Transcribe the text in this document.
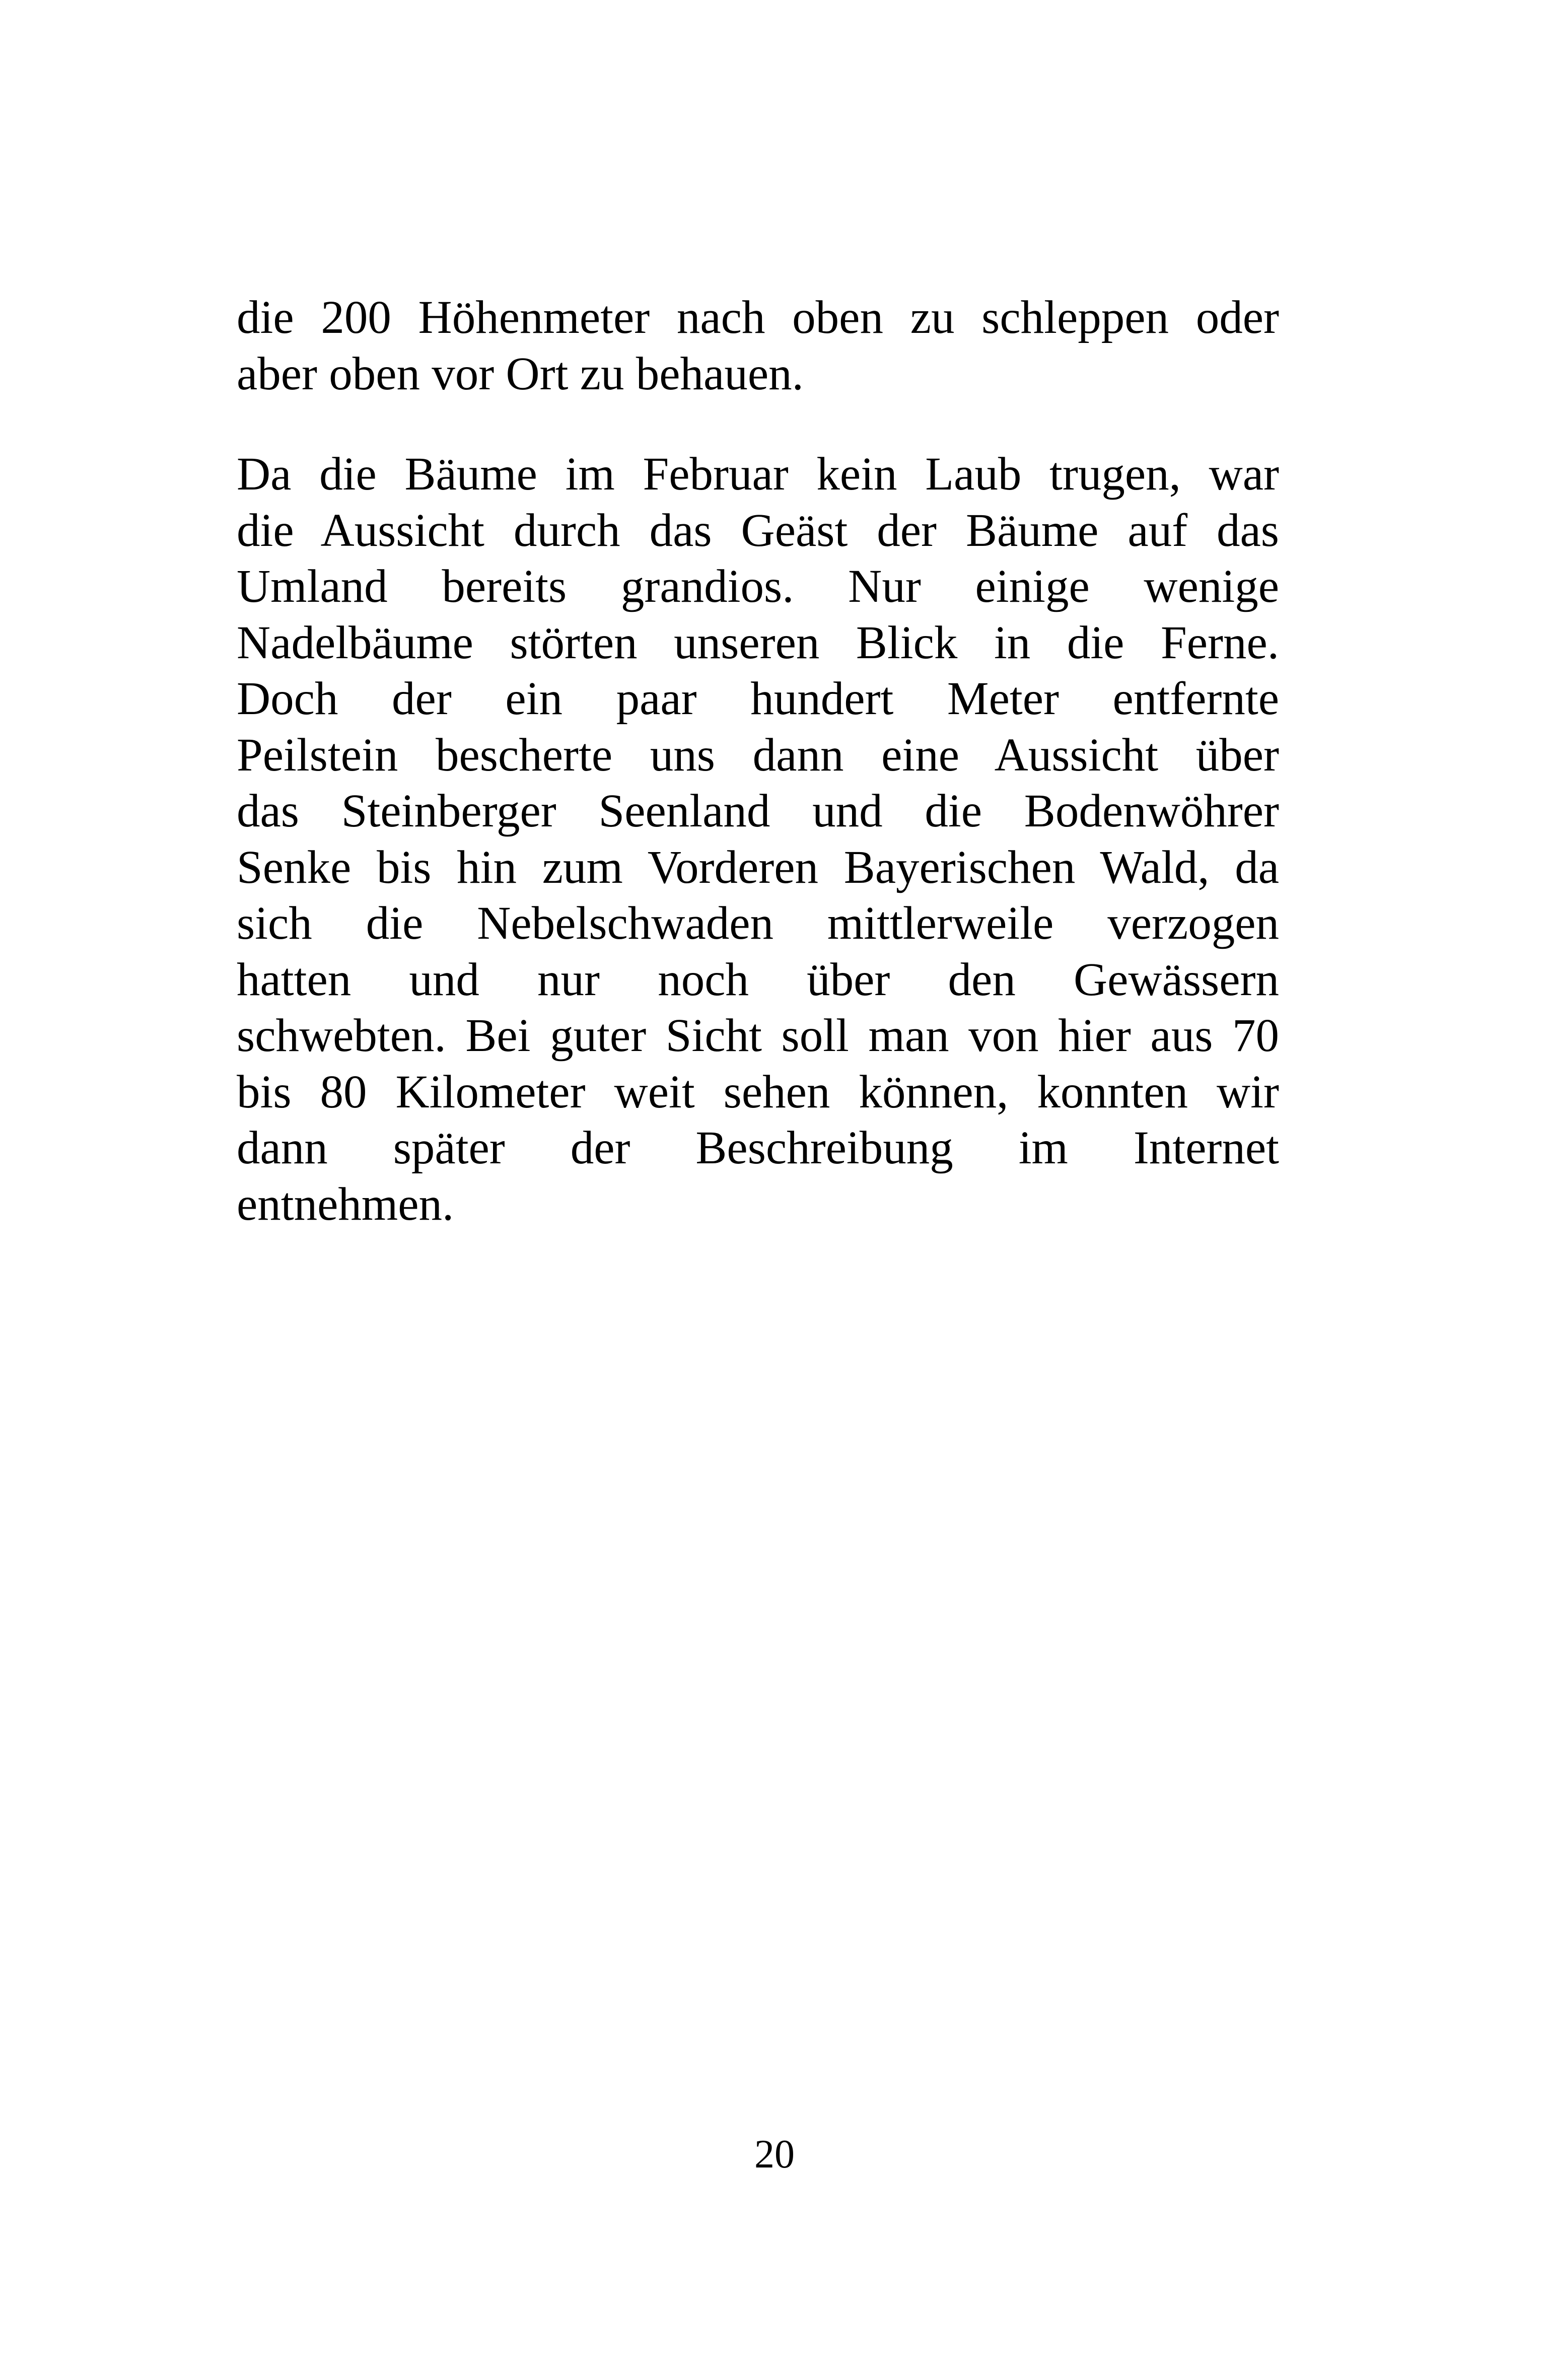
die 200 Höhenmeter nach oben zu schleppen oder
aber oben vor Ort zu behauen.
Da die Bäume im Februar kein Laub trugen, war
die Aussicht durch das Geäst der Bäume auf das
Umland bereits grandios. Nur einige wenige
Nadelbäume störten unseren Blick in die Ferne.
Doch der ein paar hundert Meter entfernte
Peilstein bescherte uns dann eine Aussicht über
das Steinberger Seenland und die Bodenwöhrer
Senke bis hin zum Vorderen Bayerischen Wald, da
sich die Nebelschwaden mittlerweile verzogen
hatten und nur noch über den Gewässern
schwebten. Bei guter Sicht soll man von hier aus 70
bis 80 Kilometer weit sehen können, konnten wir
dann später der Beschreibung im Internet
entnehmen.
20
